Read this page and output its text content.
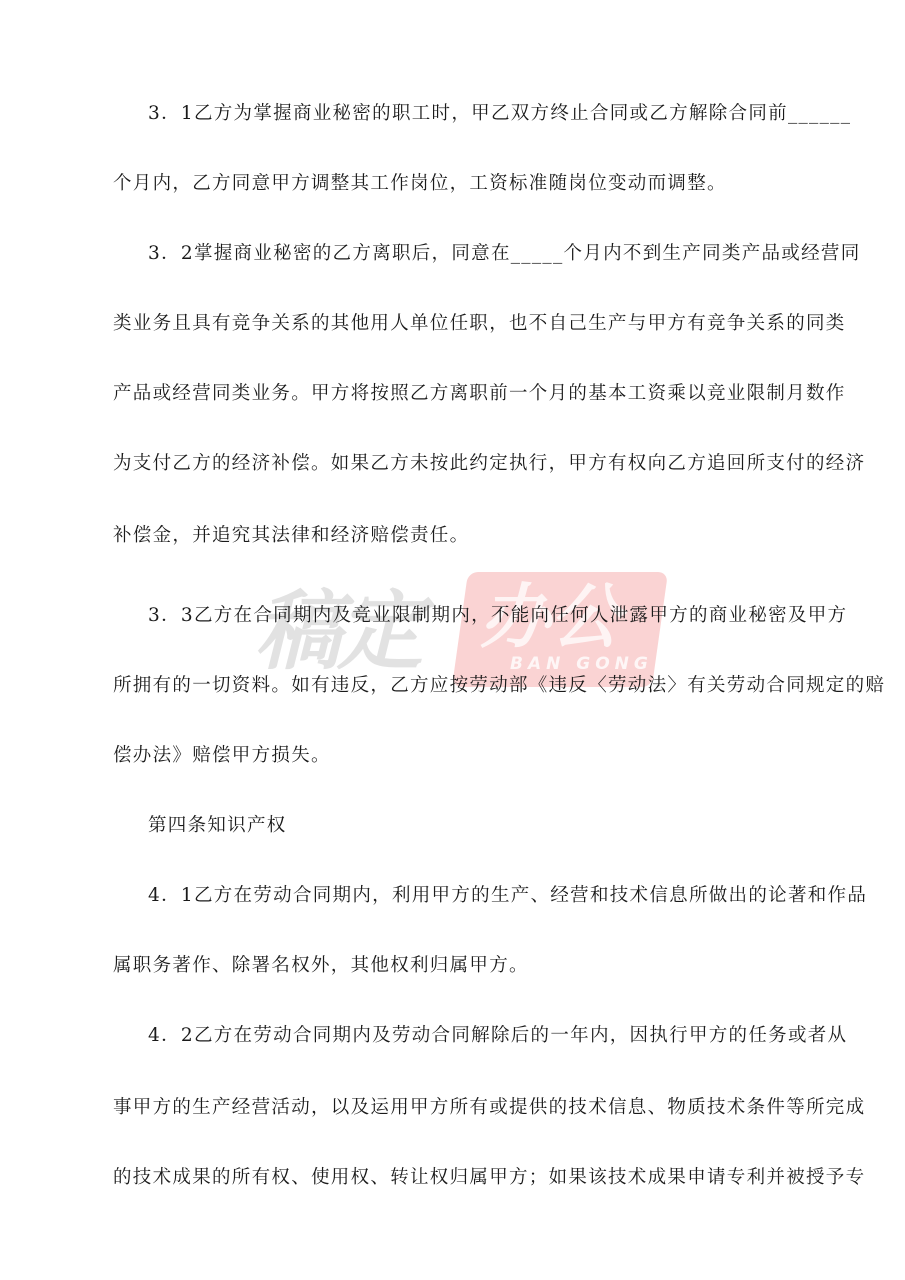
3．1乙方为掌握商业秘密的职工时，甲乙双方终止合同或乙方解除合同前______
个月内，乙方同意甲方调整其工作岗位，工资标准随岗位变动而调整。
3．2掌握商业秘密的乙方离职后，同意在_____个月内不到生产同类产品或经营同
类业务且具有竞争关系的其他用人单位任职，也不自己生产与甲方有竞争关系的同类
产品或经营同类业务。甲方将按照乙方离职前一个月的基本工资乘以竞业限制月数作
为支付乙方的经济补偿。如果乙方未按此约定执行，甲方有权向乙方追回所支付的经济
补偿金，并追究其法律和经济赔偿责任。
稿定 办公
BAN GONG
3．3乙方在合同期内及竞业限制期内，不能向任何人泄露甲方的商业秘密及甲方
所拥有的一切资料。如有违反，乙方应按劳动部《违反〈劳动法〉有关劳动合同规定的赔
偿办法》赔偿甲方损失。
第四条知识产权
4．1乙方在劳动合同期内，利用甲方的生产、经营和技术信息所做出的论著和作品
属职务著作、除署名权外，其他权利归属甲方。
4．2乙方在劳动合同期内及劳动合同解除后的一年内，因执行甲方的任务或者从
事甲方的生产经营活动，以及运用甲方所有或提供的技术信息、物质技术条件等所完成
的技术成果的所有权、使用权、转让权归属甲方；如果该技术成果申请专利并被授予专
